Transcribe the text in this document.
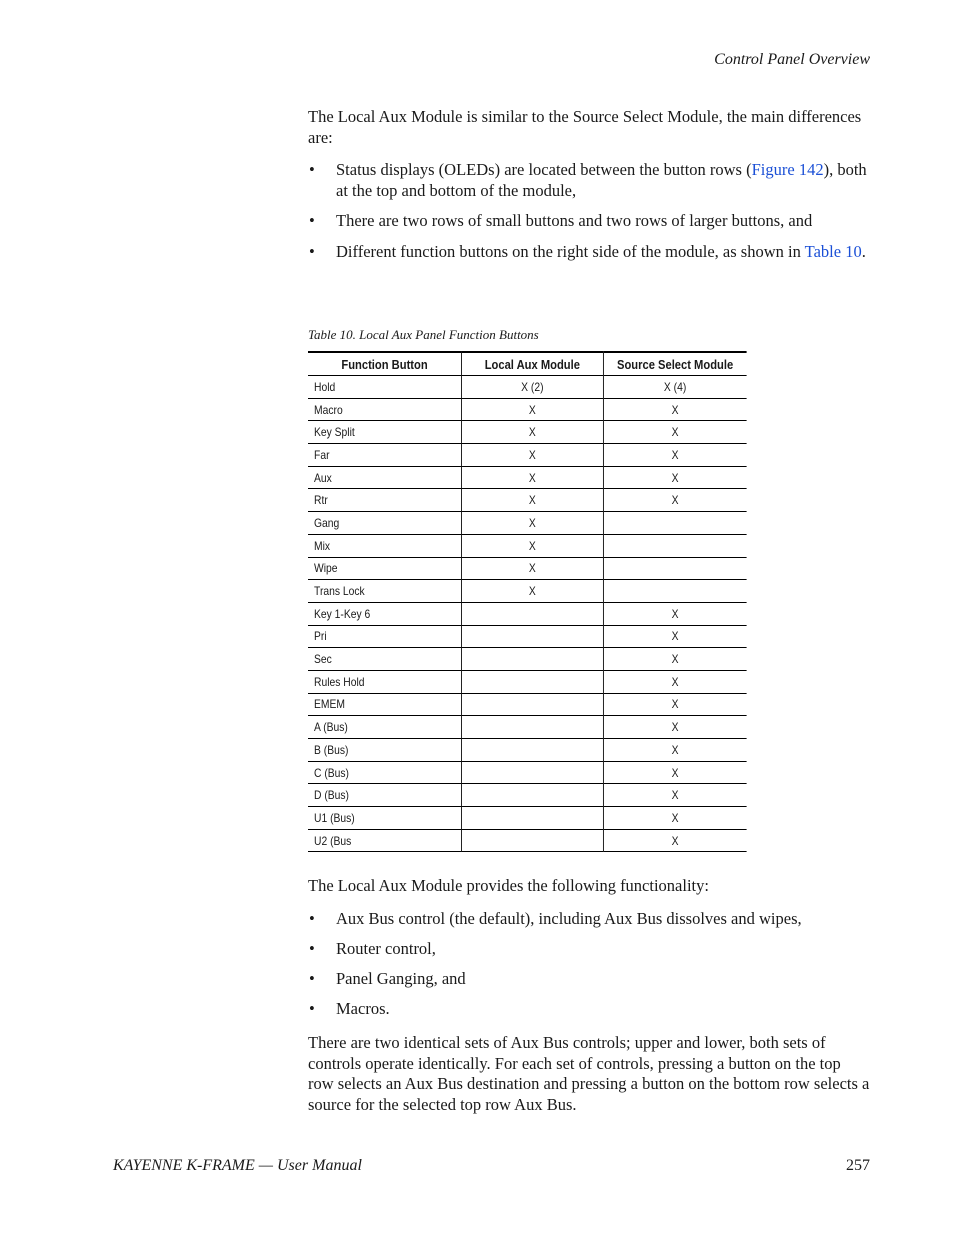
Control Panel Overview

The Local Aux Module is similar to the Source Select Module, the main differences are:

• Status displays (OLEDs) are located between the button rows (Figure 142), both at the top and bottom of the module,
• There are two rows of small buttons and two rows of larger buttons, and
• Different function buttons on the right side of the module, as shown in Table 10.
Table 10. Local Aux Panel Function Buttons
Function Button	Local Aux Module	Source Select Module
Hold	X (2)	X (4)
Macro	X	X
Key Split	X	X
Far	X	X
Aux	X	X
Rtr	X	X
Gang	X	
Mix	X	
Wipe	X	
Trans Lock	X	
Key 1-Key 6		X
Pri		X
Sec		X
Rules Hold		X
EMEM		X
A (Bus)		X
B (Bus)		X
C (Bus)		X
D (Bus)		X
U1 (Bus)		X
U2 (Bus		X

The Local Aux Module provides the following functionality:

• Aux Bus control (the default), including Aux Bus dissolves and wipes,
• Router control,
• Panel Ganging, and
• Macros.

There are two identical sets of Aux Bus controls; upper and lower, both sets of controls operate identically. For each set of controls, pressing a button on the top row selects an Aux Bus destination and pressing a button on the bottom row selects a source for the selected top row Aux Bus.

KAYENNE K-FRAME — User Manual	257
